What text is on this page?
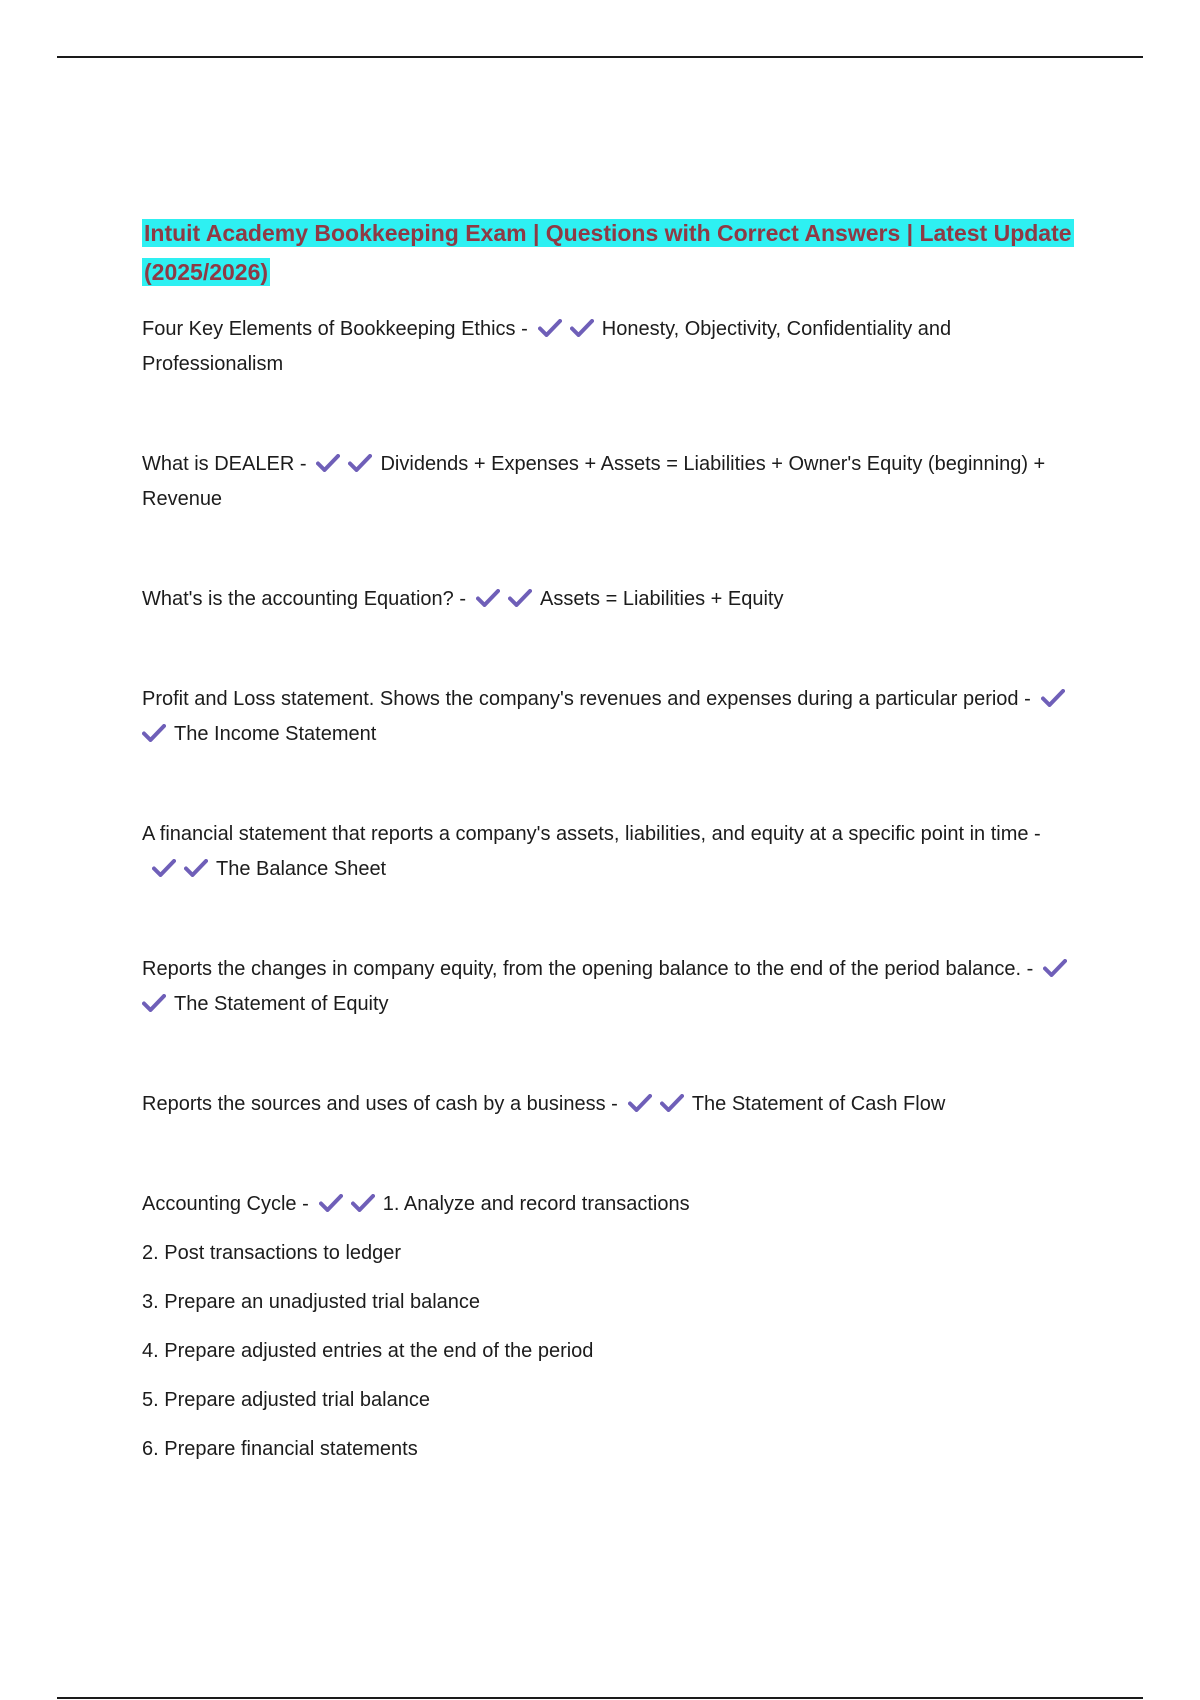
Intuit Academy Bookkeeping Exam | Questions with Correct Answers | Latest Update (2025/2026)

Four Key Elements of Bookkeeping Ethics -	Honesty, Objectivity, Confidentiality and Professionalism

What is DEALER -	Dividends + Expenses + Assets = Liabilities + Owner's Equity (beginning) + Revenue

What's is the accounting Equation? -	Assets = Liabilities + Equity

Profit and Loss statement. Shows the company's revenues and expenses during a particular period -
The Income Statement

A financial statement that reports a company's assets, liabilities, and equity at a specific point in time -
The Balance Sheet

Reports the changes in company equity, from the opening balance to the end of the period balance. -
The Statement of Equity

Reports the sources and uses of cash by a business -	The Statement of Cash Flow

Accounting Cycle -	1. Analyze and record transactions

2. Post transactions to ledger
3. Prepare an unadjusted trial balance
4. Prepare adjusted entries at the end of the period
5. Prepare adjusted trial balance
6. Prepare financial statements
